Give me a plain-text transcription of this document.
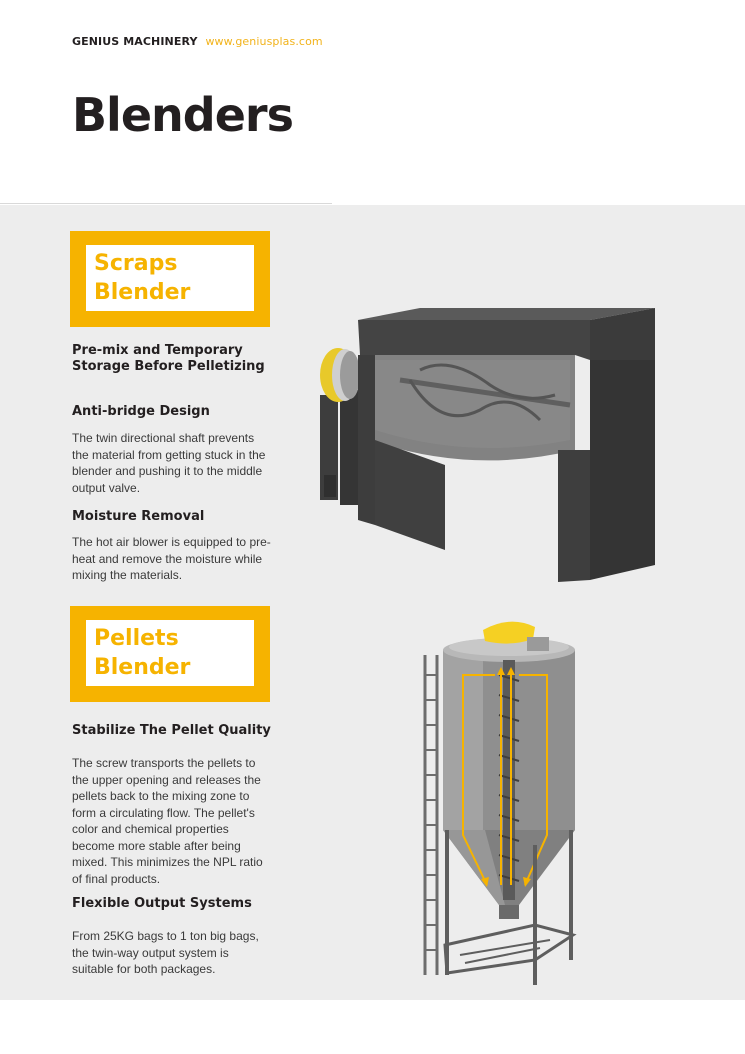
GENIUS MACHINERY www.geniusplas.com
Blenders
Scraps
Blender
Pre-mix and Temporary
Storage Before Pelletizing
Anti-bridge Design
The twin directional shaft prevents the material from getting stuck in the blender and pushing it to the middle output valve.
Moisture Removal
The hot air blower is equipped to pre-heat and remove the moisture while mixing the materials.
Pellets
Blender
Stabilize The Pellet Quality
The screw transports the pellets to the upper opening and releases the pellets back to the mixing zone to form a circulating flow. The pellet's color and chemical properties become more stable after being mixed. This minimizes the NPL ratio of final products.
Flexible Output Systems
From 25KG bags to 1 ton big bags, the twin-way output system is suitable for both packages.
